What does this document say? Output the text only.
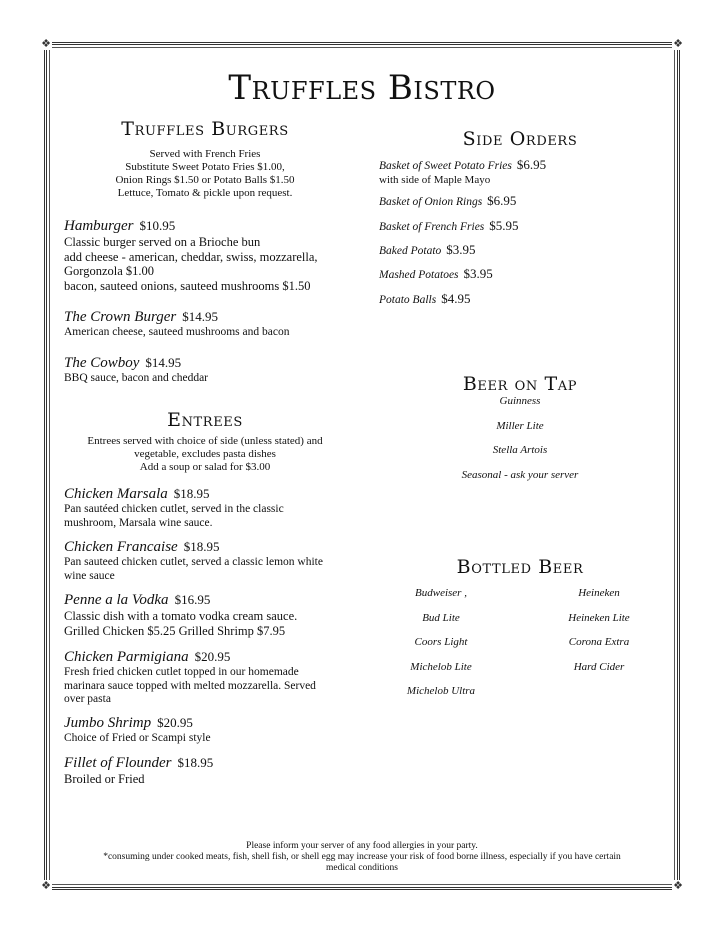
❖	❖
❖	❖
Truffles Bistro
Truffles Burgers
Served with French Fries
Substitute Sweet Potato Fries $1.00,
Onion Rings $1.50 or Potato Balls $1.50
Lettuce, Tomato & pickle upon request.
Hamburger $10.95
Classic burger served on a Brioche bun
add cheese - american, cheddar, swiss, mozzarella,
Gorgonzola $1.00
bacon, sauteed onions, sauteed mushrooms $1.50
The Crown Burger $14.95
American cheese, sauteed mushrooms and bacon
The Cowboy $14.95
BBQ sauce, bacon and cheddar
Entrees
Entrees served with choice of side (unless stated) and
vegetable, excludes pasta dishes
Add a soup or salad for $3.00
Chicken Marsala $18.95
Pan sautéed chicken cutlet, served in the classic
mushroom, Marsala wine sauce.
Chicken Francaise $18.95
Pan sauteed chicken cutlet, served a classic lemon white
wine sauce
Penne a la Vodka $16.95
Classic dish with a tomato vodka cream sauce.
Grilled Chicken $5.25 Grilled Shrimp $7.95
Chicken Parmigiana $20.95
Fresh fried chicken cutlet topped in our homemade
marinara sauce topped with melted mozzarella. Served
over pasta
Jumbo Shrimp $20.95
Choice of Fried or Scampi style
Fillet of Flounder $18.95
Broiled or Fried
Side Orders
Basket of Sweet Potato Fries $6.95
with side of Maple Mayo
Basket of Onion Rings $6.95
Basket of French Fries $5.95
Baked Potato $3.95
Mashed Potatoes $3.95
Potato Balls $4.95
Beer on Tap
Guinness
Miller Lite
Stella Artois
Seasonal - ask your server
Bottled Beer
Budweiser ,
Bud Lite
Coors Light
Michelob Lite
Michelob Ultra
Heineken
Heineken Lite
Corona Extra
Hard Cider
Please inform your server of any food allergies in your party.
*consuming under cooked meats, fish, shell fish, or shell egg may increase your risk of food borne illness, especially if you have certain
medical conditions
